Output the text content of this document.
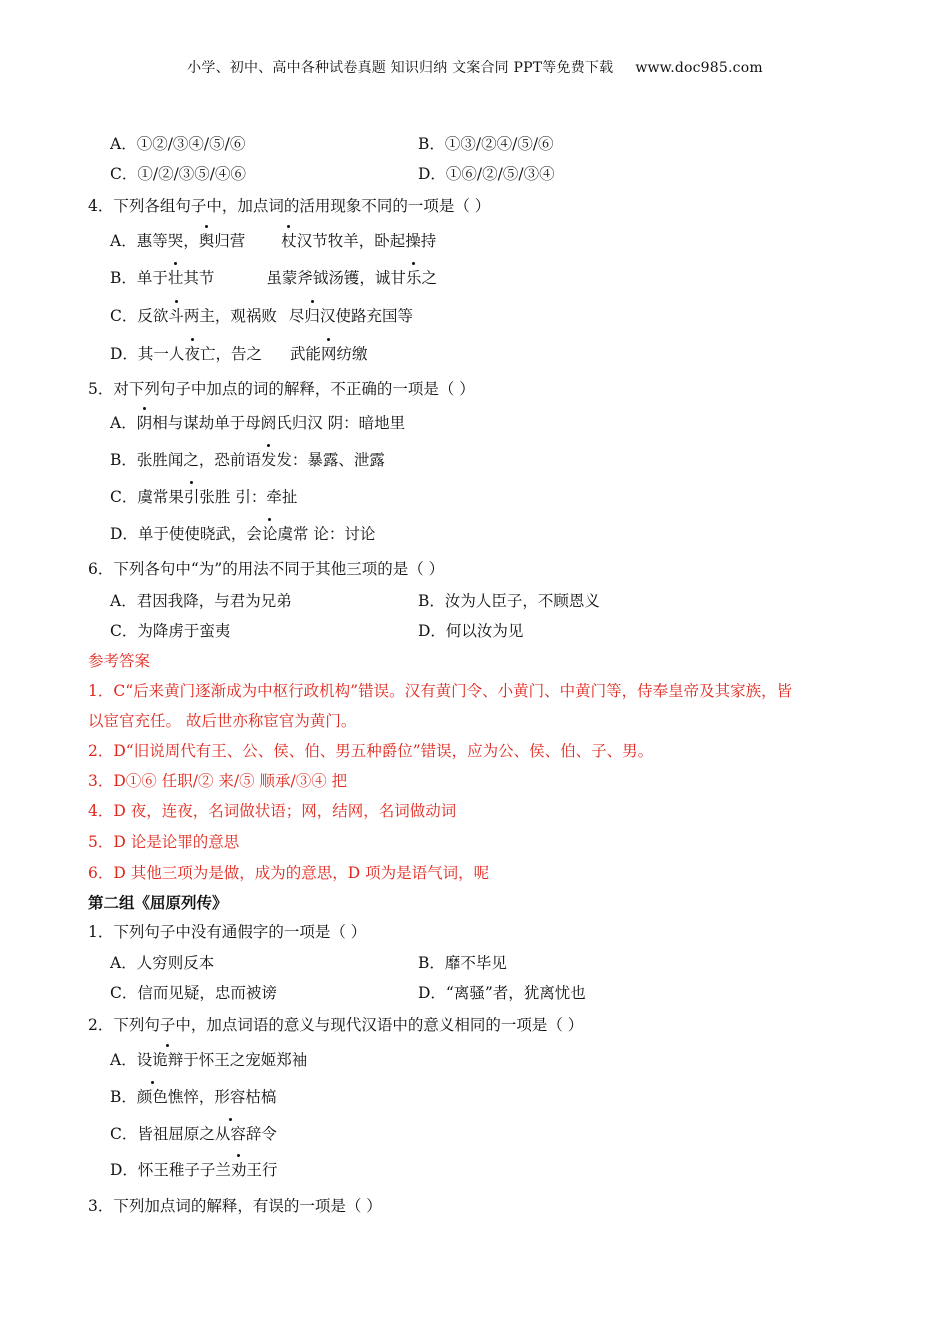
小学、初中、高中各种试卷真题 知识归纳 文案合同 PPT等免费下载 www.doc985.com
A．①②/③④/⑤/⑥	B．①③/②④/⑤/⑥
C．①/②/③⑤/④⑥	D．①⑥/②/⑤/③④
4．下列各组句子中，加点词的活用现象不同的一项是（ ）
A．惠等哭，舆归营 杖汉节牧羊，卧起操持
B．单于壮其节	虽蒙斧钺汤镬，诚甘乐之
C．反欲斗两主，观祸败 尽归汉使路充国等
D．其一人夜亡，告之 武能网纺缴
5．对下列句子中加点的词的解释，不正确的一项是（ ）
A．阴相与谋劫单于母阏氏归汉 阴：暗地里
B．张胜闻之，恐前语发发：暴露、泄露
C．虞常果引张胜 引：牵扯
D．单于使使晓武，会论虞常 论：讨论
6．下列各句中“为”的用法不同于其他三项的是（ ）
A．君因我降，与君为兄弟	B．汝为人臣子，不顾恩义
C．为降虏于蛮夷	D．何以汝为见
参考答案
1．C“后来黄门逐渐成为中枢行政机构”错误。汉有黄门令、小黄门、中黄门等，侍奉皇帝及其家族，皆
以宦官充任。 故后世亦称宦官为黄门。
2．D“旧说周代有王、公、侯、伯、男五种爵位”错误，应为公、侯、伯、子、男。
3．D①⑥ 任职/② 来/⑤ 顺承/③④ 把
4．D 夜，连夜，名词做状语；网，结网，名词做动词
5．D 论是论罪的意思
6．D 其他三项为是做，成为的意思，D 项为是语气词，呢
第二组《屈原列传》
1．下列句子中没有通假字的一项是（ ）
A．人穷则反本	B．靡不毕见
C．信而见疑，忠而被谤	D．“离骚”者，犹离忧也
2．下列句子中，加点词语的意义与现代汉语中的意义相同的一项是（ ）
A．设诡辩于怀王之宠姬郑袖
B．颜色憔悴，形容枯槁
C．皆祖屈原之从容辞令
D．怀王稚子子兰劝王行
3．下列加点词的解释，有误的一项是（ ）
